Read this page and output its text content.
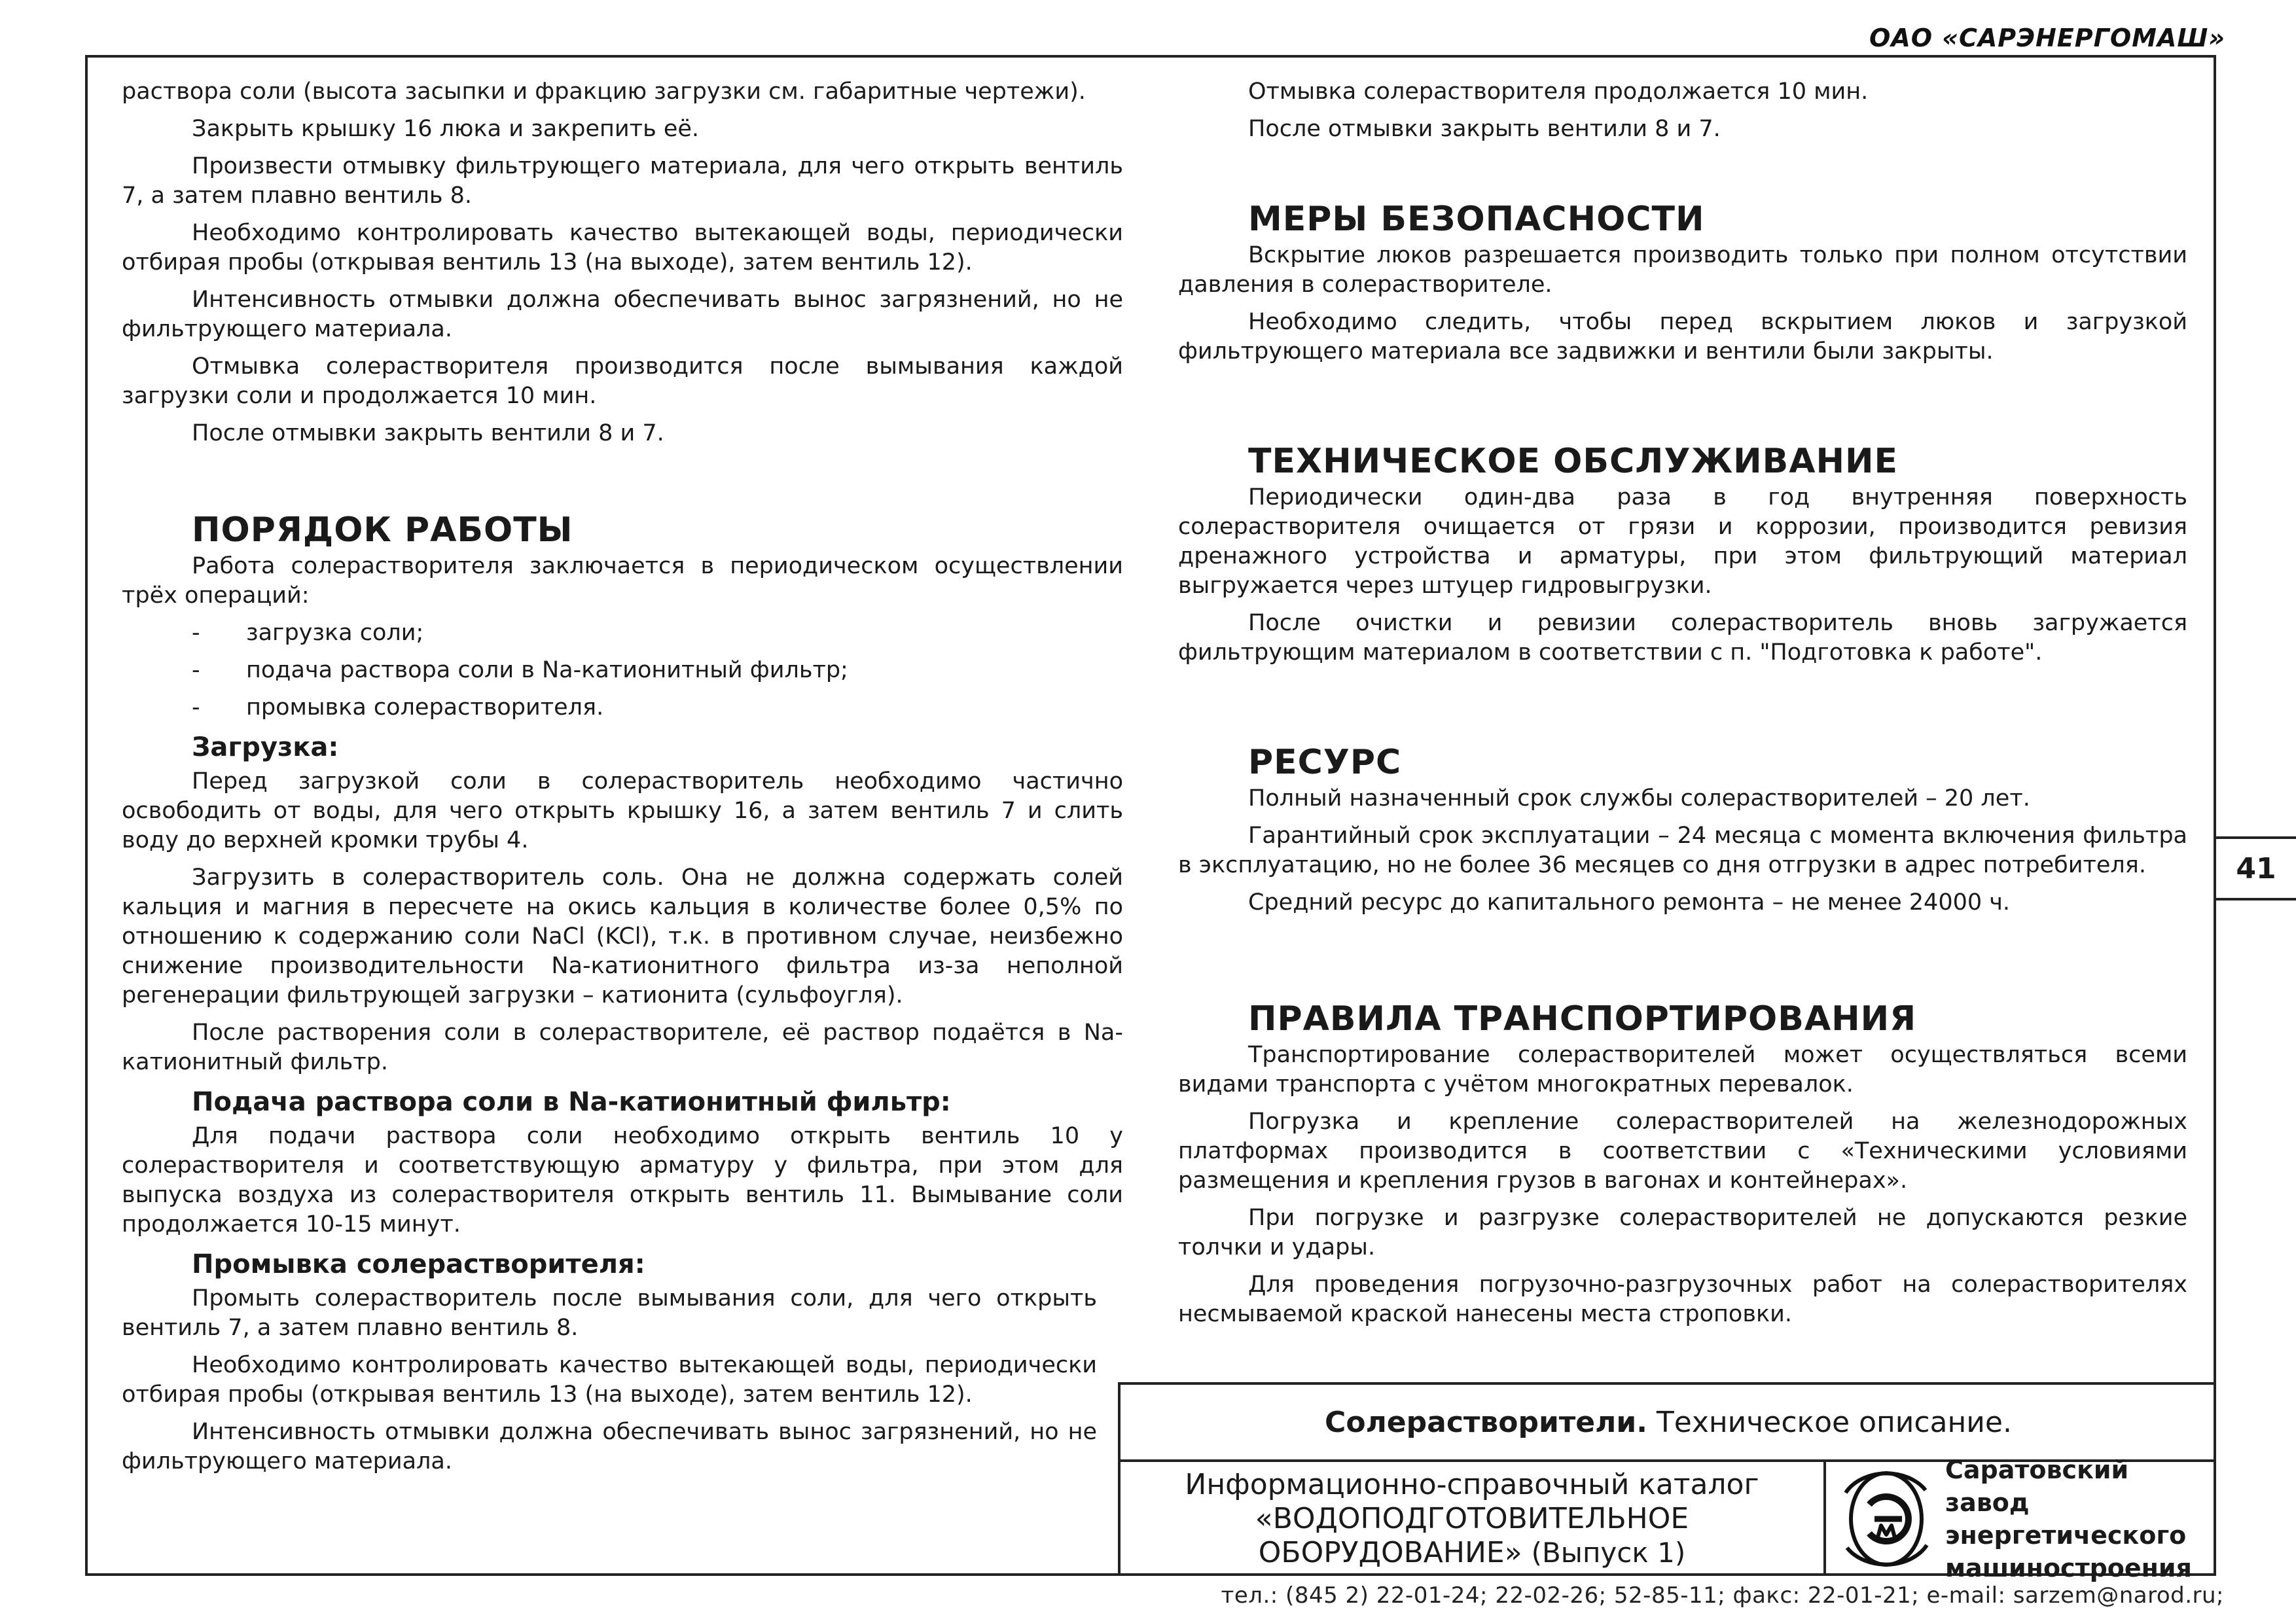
ОАО «САРЭНЕРГОМАШ»

раствора соли (высота засыпки и фракцию загрузки см. габаритные чертежи).

Закрыть крышку 16 люка и закрепить её.

Произвести отмывку фильтрующего материала, для чего открыть вентиль 7, а затем плавно вентиль 8.

Необходимо контролировать качество вытекающей воды, периодически отбирая пробы (открывая вентиль 13 (на выходе), затем вентиль 12).

Интенсивность отмывки должна обеспечивать вынос загрязнений, но не фильтрующего материала.

Отмывка солерастворителя производится после вымывания каждой загрузки соли и продолжается 10 мин.

После отмывки закрыть вентили 8 и 7.

ПОРЯДОК РАБОТЫ

Работа солерастворителя заключается в периодическом осуществлении трёх операций:

- загрузка соли;
- подача раствора соли в Na-катионитный фильтр;
- промывка солерастворителя.
Загрузка:

Перед загрузкой соли в солерастворитель необходимо частично освободить от воды, для чего открыть крышку 16, а затем вентиль 7 и слить воду до верхней кромки трубы 4.

Загрузить в солерастворитель соль. Она не должна содержать солей кальция и магния в пересчете на окись кальция в количестве более 0,5% по отношению к содержанию соли NaCl (KCl), т.к. в противном случае, неизбежно снижение производительности Na-катионитного фильтра из-за неполной регенерации фильтрующей загрузки – катионита (сульфоугля).

После растворения соли в солерастворителе, её раствор подаётся в Na-катионитный фильтр.

Подача раствора соли в Na-катионитный фильтр:

Для подачи раствора соли необходимо открыть вентиль 10 у солерастворителя и соответствующую арматуру у фильтра, при этом для выпуска воздуха из солерастворителя открыть вентиль 11. Вымывание соли продолжается 10-15 минут.

Промывка солерастворителя:

Промыть солерастворитель после вымывания соли, для чего открыть вентиль 7, а затем плавно вентиль 8.

Необходимо контролировать качество вытекающей воды, периодически отбирая пробы (открывая вентиль 13 (на выходе), затем вентиль 12).

Интенсивность отмывки должна обеспечивать вынос загрязнений, но не фильтрующего материала.

Отмывка солерастворителя продолжается 10 мин.

После отмывки закрыть вентили 8 и 7.

МЕРЫ БЕЗОПАСНОСТИ

Вскрытие люков разрешается производить только при полном отсутствии давления в солерастворителе.

Необходимо следить, чтобы перед вскрытием люков и загрузкой фильтрующего материала все задвижки и вентили были закрыты.

ТЕХНИЧЕСКОЕ ОБСЛУЖИВАНИЕ

Периодически один-два раза в год внутренняя поверхность солерастворителя очищается от грязи и коррозии, производится ревизия дренажного устройства и арматуры, при этом фильтрующий материал выгружается через штуцер гидровыгрузки.

После очистки и ревизии солерастворитель вновь загружается фильтрующим материалом в соответствии с п. "Подготовка к работе".

РЕСУРС

Полный назначенный срок службы солерастворителей – 20 лет.

Гарантийный срок эксплуатации – 24 месяца с момента включения фильтра в эксплуатацию, но не более 36 месяцев со дня отгрузки в адрес потребителя.

Средний ресурс до капитального ремонта – не менее 24000 ч.

ПРАВИЛА ТРАНСПОРТИРОВАНИЯ

Транспортирование солерастворителей может осуществляться всеми видами транспорта с учётом многократных перевалок.

Погрузка и крепление солерастворителей на железнодорожных платформах производится в соответствии с «Техническими условиями размещения и крепления грузов в вагонах и контейнерах».

При погрузке и разгрузке солерастворителей не допускаются резкие толчки и удары.

Для проведения погрузочно-разгрузочных работ на солерастворителях несмываемой краской нанесены места строповки.

41
Солерастворители. Техническое описание.
Информационно-справочный каталог
«ВОДОПОДГОТОВИТЕЛЬНОЕ
ОБОРУДОВАНИЕ» (Выпуск 1)
Саратовский завод
энергетического
машиностроения
тел.: (845 2) 22-01-24; 22-02-26; 52-85-11; факс: 22-01-21; e-mail: sarzem@narod.ru;
